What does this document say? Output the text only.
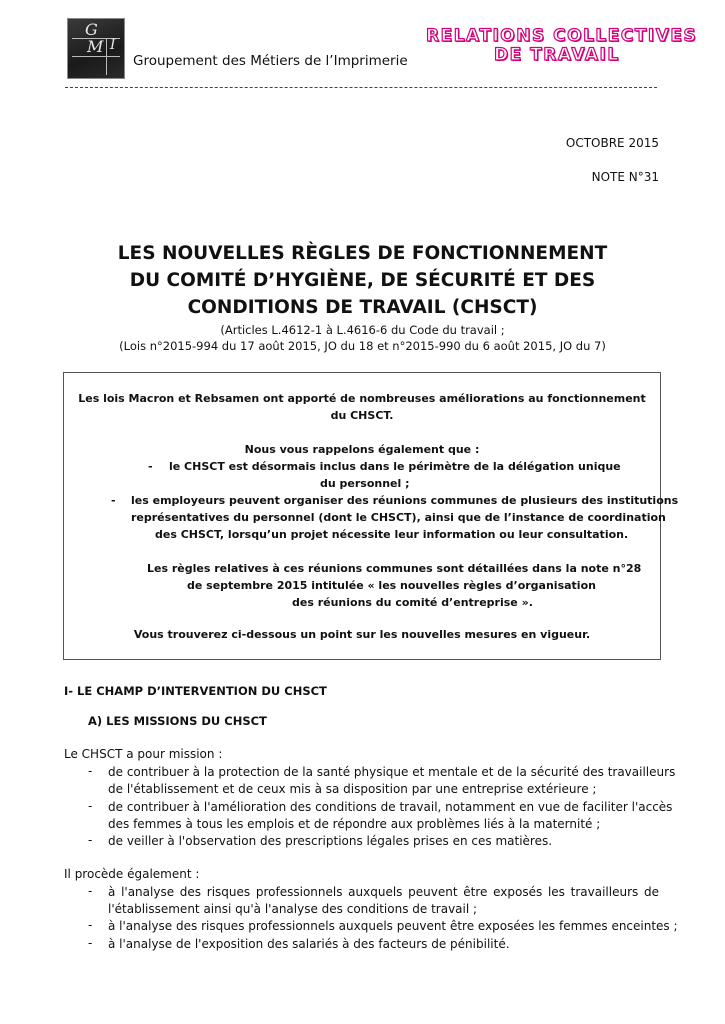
G
M I
Groupement des Métiers de l’Imprimerie
RELATIONS COLLECTIVES
DE TRAVAIL
OCTOBRE 2015
NOTE N°31
LES NOUVELLES RÈGLES DE FONCTIONNEMENT
DU COMITÉ D’HYGIÈNE, DE SÉCURITÉ ET DES
CONDITIONS DE TRAVAIL (CHSCT)
(Articles L.4612-1 à L.4616-6 du Code du travail ;
(Lois n°2015-994 du 17 août 2015, JO du 18 et n°2015-990 du 6 août 2015, JO du 7)
Les lois Macron et Rebsamen ont apporté de nombreuses améliorations au fonctionnement
du CHSCT.
Nous vous rappelons également que :
- le CHSCT est désormais inclus dans le périmètre de la délégation unique
du personnel ;
- les employeurs peuvent organiser des réunions communes de plusieurs des institutions
représentatives du personnel (dont le CHSCT), ainsi que de l’instance de coordination
des CHSCT, lorsqu’un projet nécessite leur information ou leur consultation.
Les règles relatives à ces réunions communes sont détaillées dans la note n°28
de septembre 2015 intitulée « les nouvelles règles d’organisation
des réunions du comité d’entreprise ».
Vous trouverez ci-dessous un point sur les nouvelles mesures en vigueur.
I- LE CHAMP D’INTERVENTION DU CHSCT
A) LES MISSIONS DU CHSCT
Le CHSCT a pour mission :
- de contribuer à la protection de la santé physique et mentale et de la sécurité des travailleurs
de l'établissement et de ceux mis à sa disposition par une entreprise extérieure ;
- de contribuer à l'amélioration des conditions de travail, notamment en vue de faciliter l'accès
des femmes à tous les emplois et de répondre aux problèmes liés à la maternité ;
- de veiller à l'observation des prescriptions légales prises en ces matières.
Il procède également :
- à l'analyse des risques professionnels auxquels peuvent être exposés les travailleurs de
l'établissement ainsi qu'à l'analyse des conditions de travail ;
- à l'analyse des risques professionnels auxquels peuvent être exposées les femmes enceintes ;
- à l'analyse de l'exposition des salariés à des facteurs de pénibilité.
